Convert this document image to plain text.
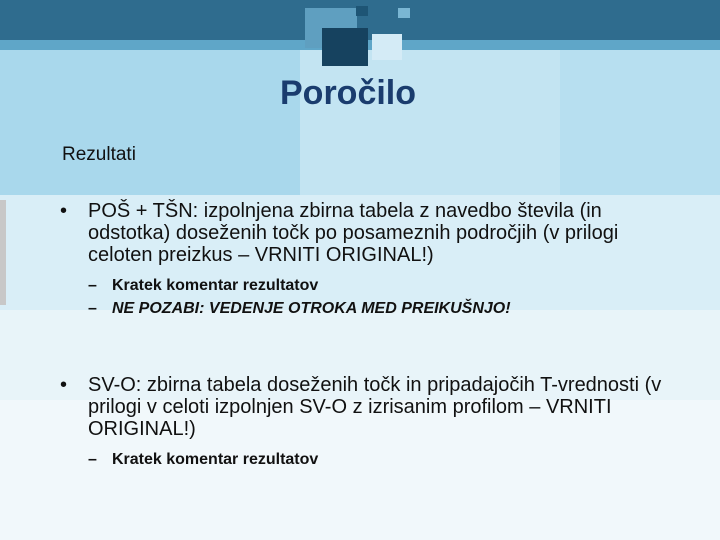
Poročilo

Rezultati

• POŠ + TŠN: izpolnjena zbirna tabela z navedbo števila (in odstotka) doseženih točk po posameznih področjih (v prilogi celoten preizkus – VRNITI ORIGINAL!)
– Kratek komentar rezultatov
– NE POZABI: VEDENJE OTROKA MED PREIKUŠNJO!
• SV-O: zbirna tabela doseženih točk in pripadajočih T-vrednosti (v prilogi v celoti izpolnjen SV-O z izrisanim profilom – VRNITI ORIGINAL!)
– Kratek komentar rezultatov
